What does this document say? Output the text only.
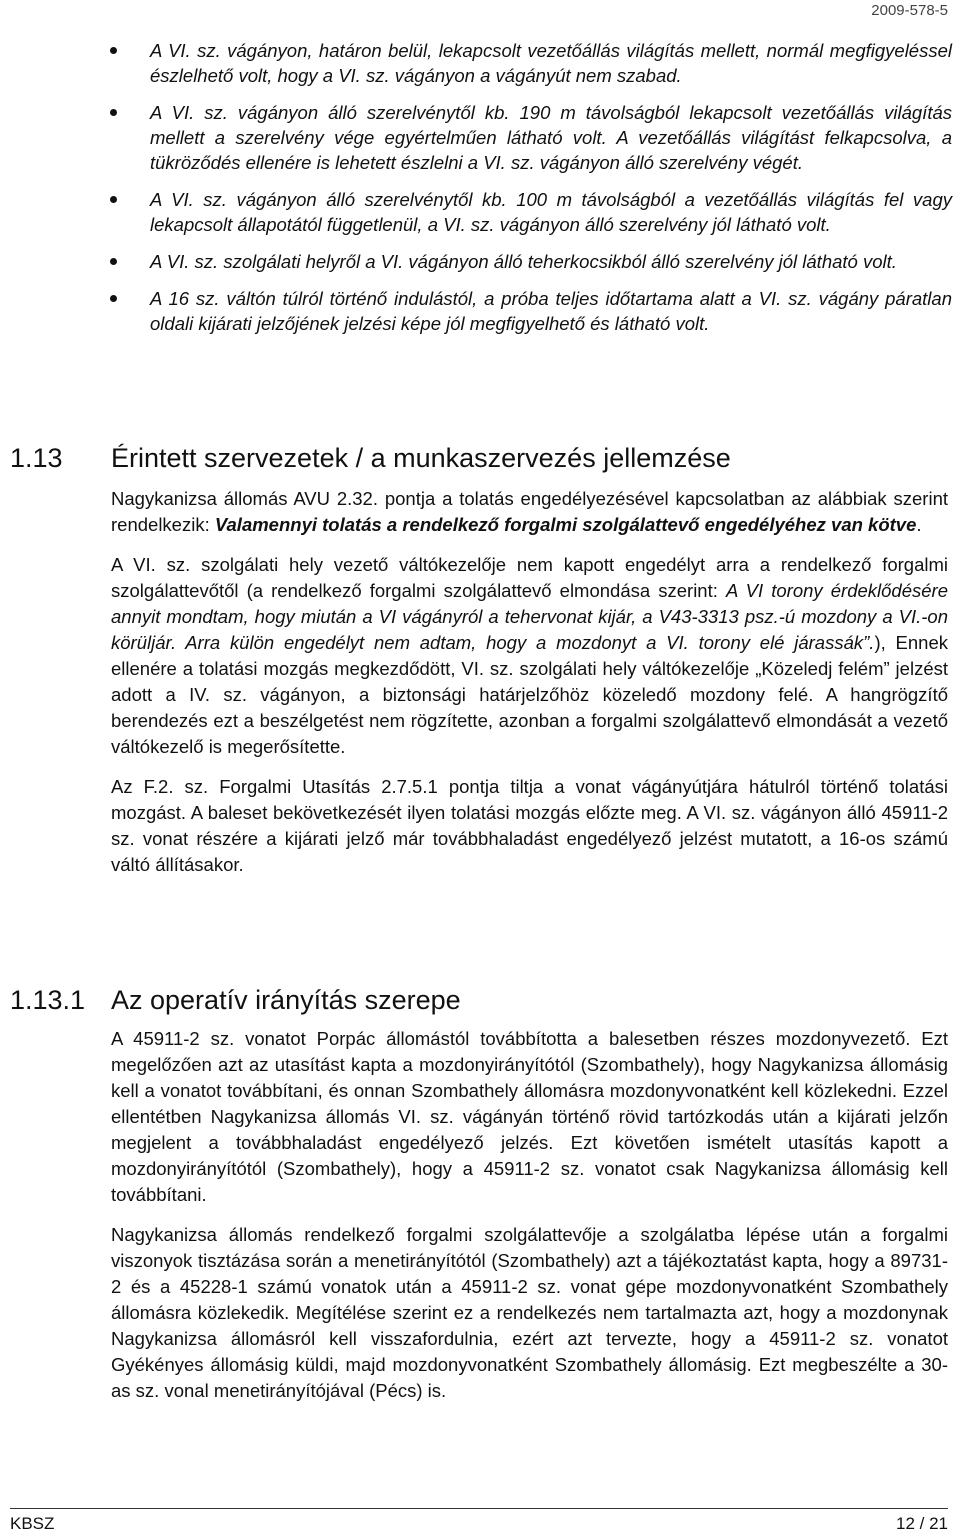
2009-578-5
A VI. sz. vágányon, határon belül, lekapcsolt vezetőállás világítás mellett, normál megfigyeléssel észlelhető volt, hogy a VI. sz. vágányon a vágányút nem szabad.
A VI. sz. vágányon álló szerelvénytől kb. 190 m távolságból lekapcsolt vezetőállás világítás mellett a szerelvény vége egyértelműen látható volt. A vezetőállás világítást felkapcsolva, a tükröződés ellenére is lehetett észlelni a VI. sz. vágányon álló szerelvény végét.
A VI. sz. vágányon álló szerelvénytől kb. 100 m távolságból a vezetőállás világítás fel vagy lekapcsolt állapotától függetlenül, a VI. sz. vágányon álló szerelvény jól látható volt.
A VI. sz. szolgálati helyről a VI. vágányon álló teherkocsikból álló szerelvény jól látható volt.
A 16 sz. váltón túlról történő indulástól, a próba teljes időtartama alatt a VI. sz. vágány páratlan oldali kijárati jelzőjének jelzési képe jól megfigyelhető és látható volt.
1.13 Érintett szervezetek / a munkaszervezés jellemzése

Nagykanizsa állomás AVU 2.32. pontja a tolatás engedélyezésével kapcsolatban az alábbiak szerint rendelkezik: Valamennyi tolatás a rendelkező forgalmi szolgálattevő engedélyéhez van kötve.

A VI. sz. szolgálati hely vezető váltókezelője nem kapott engedélyt arra a rendelkező forgalmi szolgálattevőtől (a rendelkező forgalmi szolgálattevő elmondása szerint: A VI torony érdeklődésére annyit mondtam, hogy miután a VI vágányról a tehervonat kijár, a V43-3313 psz.-ú mozdony a VI.-on körüljár. Arra külön engedélyt nem adtam, hogy a mozdonyt a VI. torony elé járassák”.), Ennek ellenére a tolatási mozgás megkezdődött, VI. sz. szolgálati hely váltókezelője „Közeledj felém” jelzést adott a IV. sz. vágányon, a biztonsági határjelzőhöz közeledő mozdony felé. A hangrögzítő berendezés ezt a beszélgetést nem rögzítette, azonban a forgalmi szolgálattevő elmondását a vezető váltókezelő is megerősítette.

Az F.2. sz. Forgalmi Utasítás 2.7.5.1 pontja tiltja a vonat vágányútjára hátulról történő tolatási mozgást. A baleset bekövetkezését ilyen tolatási mozgás előzte meg. A VI. sz. vágányon álló 45911-2 sz. vonat részére a kijárati jelző már továbbhaladást engedélyező jelzést mutatott, a 16-os számú váltó állításakor.

1.13.1 Az operatív irányítás szerepe

A 45911-2 sz. vonatot Porpác állomástól továbbította a balesetben részes mozdonyvezető. Ezt megelőzően azt az utasítást kapta a mozdonyirányítótól (Szombathely), hogy Nagykanizsa állomásig kell a vonatot továbbítani, és onnan Szombathely állomásra mozdonyvonatként kell közlekedni. Ezzel ellentétben Nagykanizsa állomás VI. sz. vágányán történő rövid tartózkodás után a kijárati jelzőn megjelent a továbbhaladást engedélyező jelzés. Ezt követően ismételt utasítás kapott a mozdonyirányítótól (Szombathely), hogy a 45911-2 sz. vonatot csak Nagykanizsa állomásig kell továbbítani.

Nagykanizsa állomás rendelkező forgalmi szolgálattevője a szolgálatba lépése után a forgalmi viszonyok tisztázása során a menetirányítótól (Szombathely) azt a tájékoztatást kapta, hogy a 89731-2 és a 45228-1 számú vonatok után a 45911-2 sz. vonat gépe mozdonyvonatként Szombathely állomásra közlekedik. Megítélése szerint ez a rendelkezés nem tartalmazta azt, hogy a mozdonynak Nagykanizsa állomásról kell visszafordulnia, ezért azt tervezte, hogy a 45911-2 sz. vonatot Gyékényes állomásig küldi, majd mozdonyvonatként Szombathely állomásig. Ezt megbeszélte a 30-as sz. vonal menetirányítójával (Pécs) is.

KBSZ	12 / 21
